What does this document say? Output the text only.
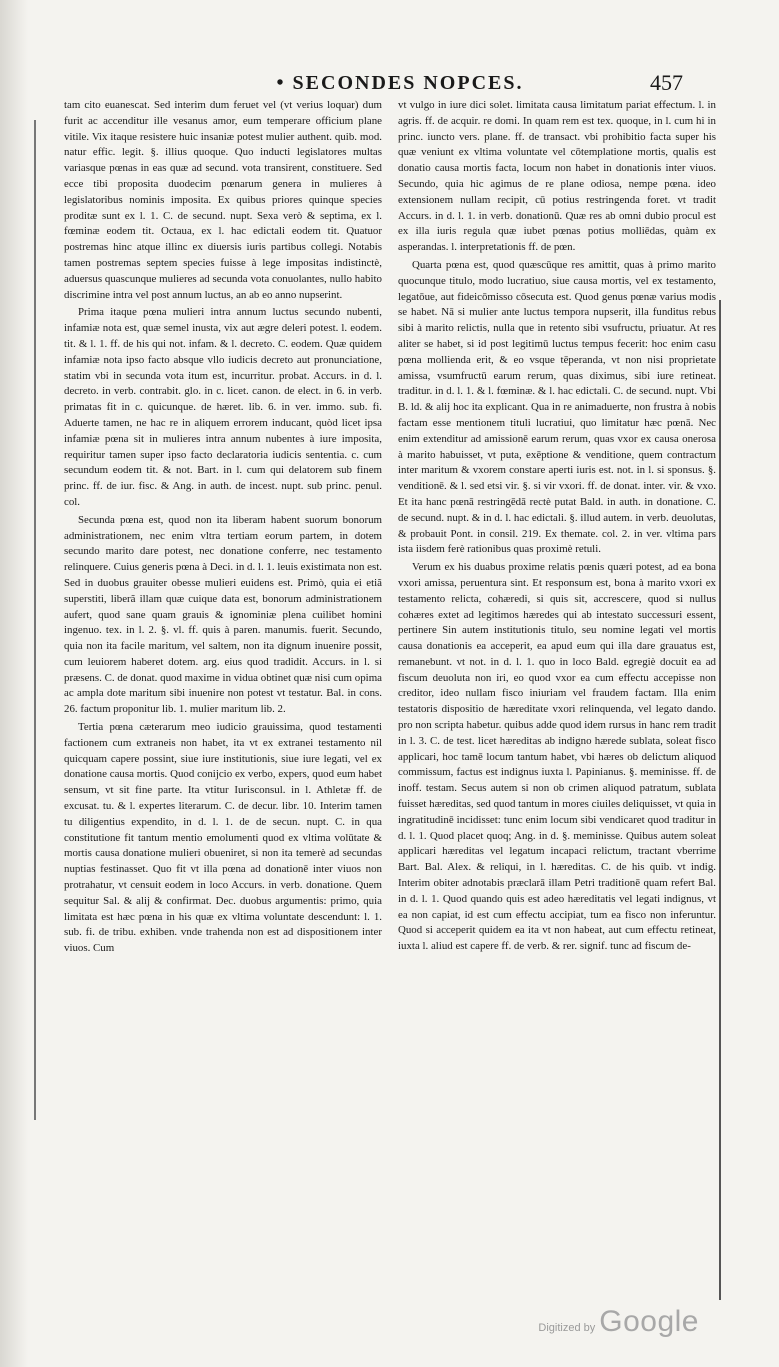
• SECONDES NOPCES.	457

tam cito euanescat. Sed interim dum feruet vel (vt verius loquar) dum furit ac accenditur ille vesanus amor, eum temperare officium plane vitile. Vix itaque resistere huic insaniæ potest mulier authent. quib. mod. natur effic. legit. §. illius quoque. Quo inducti legislatores multas variasque pœnas in eas quæ ad secund. vota transirent, constituere. Sed ecce tibi proposita duodecim pœnarum genera in mulieres à legislatoribus nominis imposita. Ex quibus priores quinque species proditæ sunt ex l. 1. C. de secund. nupt. Sexa verò & septima, ex l. fœminæ eodem tit. Octaua, ex l. hac edictali eodem tit. Quatuor postremas hinc atque illinc ex diuersis iuris partibus collegi. Notabis tamen postremas septem species fuisse à lege impositas indistinctè, aduersus quascunque mulieres ad secunda vota conuolantes, nullo habito discrimine intra vel post annum luctus, an ab eo anno nupserint.

Prima itaque pœna mulieri intra annum luctus secundo nubenti, infamiæ nota est, quæ semel inusta, vix aut ægre deleri potest. l. eodem. tit. & l. 1. ff. de his qui not. infam. & l. decreto. C. eodem. Quæ quidem infamiæ nota ipso facto absque vllo iudicis decreto aut pronunciatione, statim vbi in secunda vota itum est, incurritur. probat. Accurs. in d. l. decreto. in verb. contrabit. glo. in c. licet. canon. de elect. in 6. in verb. primatas fit in c. quicunque. de hæret. lib. 6. in ver. immo. sub. fi. Aduerte tamen, ne hac re in aliquem errorem inducant, quòd licet ipsa infamiæ pœna sit in mulieres intra annum nubentes à iure imposita, requiritur tamen super ipso facto declaratoria iudicis sententia. c. cum secundum eodem tit. & not. Bart. in l. cum qui delatorem sub finem princ. ff. de iur. fisc. & Ang. in auth. de incest. nupt. sub princ. penul. col.

Secunda pœna est, quod non ita liberam habent suorum bonorum administrationem, nec enim vltra tertiam eorum partem, in dotem secundo marito dare potest, nec donatione conferre, nec testamento relinquere. Cuius generis pœna à Deci. in d. l. 1. leuis existimata non est. Sed in duobus grauiter obesse mulieri euidens est. Primò, quia ei etiã superstiti, liberã illam quæ cuique data est, bonorum administrationem aufert, quod sane quam grauis & ignominiæ plena cuilibet homini ingenuo. tex. in l. 2. §. vl. ff. quis à paren. manumis. fuerit. Secundo, quia non ita facile maritum, vel saltem, non ita dignum inuenire possit, cum leuiorem haberet dotem. arg. eius quod tradidit. Accurs. in l. si præsens. C. de donat. quod maxime in vidua obtinet quæ nisi cum opima ac ampla dote maritum sibi inuenire non potest vt testatur. Bal. in cons. 26. factum proponitur lib. 1. mulier maritum lib. 2.

Tertia pœna cæterarum meo iudicio grauissima, quod testamenti factionem cum extraneis non habet, ita vt ex extranei testamento nil quicquam capere possint, siue iure institutionis, siue iure legati, vel ex donatione causa mortis. Quod conijcio ex verbo, expers, quod eum habet sensum, vt sit fine parte. Ita vtitur Iurisconsul. in l. Athletæ ff. de excusat. tu. & l. expertes literarum. C. de decur. libr. 10. Interim tamen tu diligentius expendito, in d. l. 1. de de secun. nupt. C. in qua constitutione fit tantum mentio emolumenti quod ex vltima volūtate & mortis causa donatione mulieri obueniret, si non ita temerè ad secundas nuptias festinasset. Quo fit vt illa pœna ad donationē inter viuos non protrahatur, vt censuit eodem in loco Accurs. in verb. donatione. Quem sequitur Sal. & alij & confirmat. Dec. duobus argumentis: primo, quia limitata est hæc pœna in his quæ ex vltima voluntate descendunt: l. 1. sub. fi. de tribu. exhiben. vnde trahenda non est ad dispositionem inter viuos. Cum

vt vulgo in iure dici solet. limitata causa limitatum pariat effectum. l. in agris. ff. de acquir. re domi. In quam rem est tex. quoque, in l. cum hi in princ. iuncto vers. plane. ff. de transact. vbi prohibitio facta super his quæ veniunt ex vltima voluntate vel cōtemplatione mortis, qualis est donatio causa mortis facta, locum non habet in donationis inter viuos. Secundo, quia hic agimus de re plane odiosa, nempe pœna. ideo extensionem nullam recipit, cū potius restringenda foret. vt tradit Accurs. in d. l. 1. in verb. donationū. Quæ res ab omni dubio procul est ex illa iuris regula quæ iubet pœnas potius molliēdas, quàm ex asperandas. l. interpretationis ff. de pœn.

Quarta pœna est, quod quæscūque res amittit, quas à primo marito quocunque titulo, modo lucratiuo, siue causa mortis, vel ex testamento, legatōue, aut fideicōmisso cōsecuta est. Quod genus pœnæ varius modis se habet. Nā si mulier ante luctus tempora nupserit, illa funditus rebus sibi à marito relictis, nulla que in retento sibi vsufructu, priuatur. At res aliter se habet, si id post legitimū luctus tempus fecerit: hoc enim casu pœna mollienda erit, & eo vsque tēperanda, vt non nisi proprietate amissa, vsumfructū earum rerum, quas diximus, sibi iure retineat. traditur. in d. l. 1. & l. fœminæ. & l. hac edictali. C. de secund. nupt. Vbi B. ld. & alij hoc ita explicant. Qua in re animaduerte, non frustra à nobis factam esse mentionem tituli lucratiui, quo limitatur hæc pœnā. Nec enim extenditur ad amissionē earum rerum, quas vxor ex causa onerosa à marito habuisset, vt puta, exēptione & venditione, quem contractum inter maritum & vxorem constare aperti iuris est. not. in l. si sponsus. §. venditionē. & l. sed etsi vir. §. si vir vxori. ff. de donat. inter. vir. & vxo. Et ita hanc pœnā restringēdā rectè putat Bald. in auth. in donatione. C. de secund. nupt. & in d. l. hac edictali. §. illud autem. in verb. deuolutas, & probauit Pont. in consil. 219. Ex themate. col. 2. in ver. vltima pars ista iisdem ferè rationibus quas proximè retuli.

Verum ex his duabus proxime relatis pœnis quæri potest, ad ea bona vxori amissa, peruentura sint. Et responsum est, bona à marito vxori ex testamento relicta, cohæredi, si quis sit, accrescere, quod si nullus cohæres extet ad legitimos hæredes qui ab intestato successuri essent, pertinere Sin autem institutionis titulo, seu nomine legati vel mortis causa donationis ea acceperit, ea apud eum qui illa dare grauatus est, remanebunt. vt not. in d. l. 1. quo in loco Bald. egregiè docuit ea ad fiscum deuoluta non iri, eo quod vxor ea cum effectu accepisse non creditor, ideo nullam fisco iniuriam vel fraudem factam. Illa enim testatoris dispositio de hæreditate vxori relinquenda, vel legato dando. pro non scripta habetur. quibus adde quod idem rursus in hanc rem tradit in l. 3. C. de test. licet hæreditas ab indigno hærede sublata, soleat fisco applicari, hoc tamē locum tantum habet, vbi hæres ob delictum aliquod commissum, factus est indignus iuxta l. Papinianus. §. meminisse. ff. de inoff. testam. Secus autem si non ob crimen aliquod patratum, sublata fuisset hæreditas, sed quod tantum in mores ciuiles deliquisset, vt quia in ingratitudinē incidisset: tunc enim locum sibi vendicaret quod traditur in d. l. 1. Quod placet quoq; Ang. in d. §. meminisse. Quibus autem soleat applicari hæreditas vel legatum incapaci relictum, tractant vberrime Bart. Bal. Alex. & reliqui, in l. hæreditas. C. de his quib. vt indig. Interim obiter adnotabis præclarā illam Petri traditionē quam refert Bal. in d. l. 1. Quod quando quis est adeo hæreditatis vel legati indignus, vt ea non capiat, id est cum effectu accipiat, tum ea fisco non inferuntur. Quod si acceperit quidem ea ita vt non habeat, aut cum effectu retineat, iuxta l. aliud est capere ff. de verb. & rer. signif. tunc ad fiscum de-

Digitized by Google
